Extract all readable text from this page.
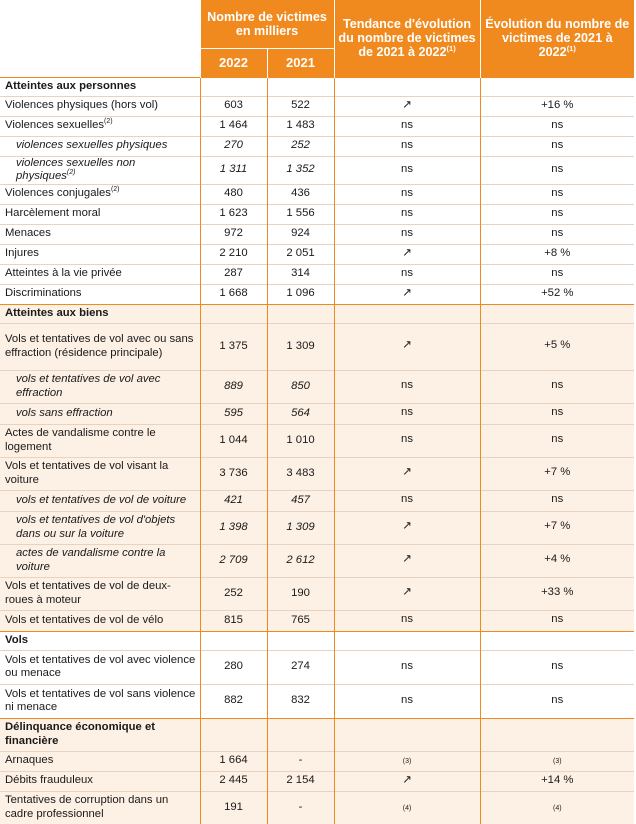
	Nombre de victimes en milliers		Tendance d'évolution du nombre de victimes de 2021 à 2022$^{(1)}$	Évolution du nombre de victimes de 2021 à 2022$^{(1)}$
	2022	2021		
Atteintes aux personnes				
Violences physiques (hors vol)	603	522	↗	+16 %
Violences sexuelles$^{(2)}$	1 464	1 483	ns	ns
violences sexuelles physiques	270	252	ns	ns
violences sexuelles non physiques$^{(2)}$	1 311	1 352	ns	ns
Violences conjugales$^{(2)}$	480	436	ns	ns
Harcèlement moral	1 623	1 556	ns	ns
Menaces	972	924	ns	ns
Injures	2 210	2 051	↗	+8 %
Atteintes à la vie privée	287	314	ns	ns
Discriminations	1 668	1 096	↗	+52 %
Atteintes aux biens				
Vols et tentatives de vol avec ou sans effraction (résidence principale)	1 375	1 309	↗	+5 %
vols et tentatives de vol avec effraction	889	850	ns	ns
vols sans effraction	595	564	ns	ns
Actes de vandalisme contre le logement	1 044	1 010	ns	ns
Vols et tentatives de vol visant la voiture	3 736	3 483	↗	+7 %
vols et tentatives de vol de voiture	421	457	ns	ns
vols et tentatives de vol d'objets dans ou sur la voiture	1 398	1 309	↗	+7 %
actes de vandalisme contre la voiture	2 709	2 612	↗	+4 %
Vols et tentatives de vol de deux-roues à moteur	252	190	↗	+33 %
Vols et tentatives de vol de vélo	815	765	ns	ns
Vols				
Vols et tentatives de vol avec violence ou menace	280	274	ns	ns
Vols et tentatives de vol sans violence ni menace	882	832	ns	ns
Délinquance économique et financière				
Arnaques	1 664	-	(3)	(3)
Débits frauduleux	2 445	2 154	↗	+14 %
Tentatives de corruption dans un cadre professionnel	191	-	(4)	(4)
